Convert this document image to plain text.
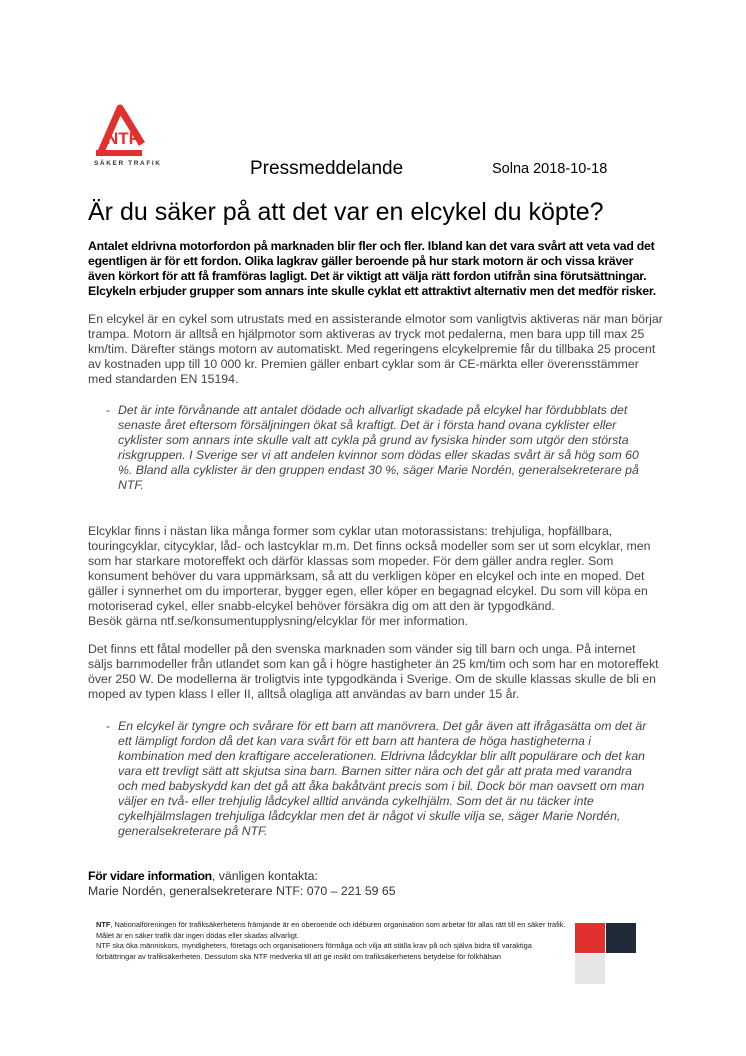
NTF
SÄKER TRAFIK	Pressmeddelande	Solna 2018-10-18
Är du säker på att det var en elcykel du köpte?
Antalet eldrivna motorfordon på marknaden blir fler och fler. Ibland kan det vara svårt att veta vad det egentligen är för ett fordon. Olika lagkrav gäller beroende på hur stark motorn är och vissa kräver även körkort för att få framföras lagligt. Det är viktigt att välja rätt fordon utifrån sina förutsättningar. Elcykeln erbjuder grupper som annars inte skulle cyklat ett attraktivt alternativ men det medför risker.
En elcykel är en cykel som utrustats med en assisterande elmotor som vanligtvis aktiveras när man börjar trampa. Motorn är alltså en hjälpmotor som aktiveras av tryck mot pedalerna, men bara upp till max 25 km/tim. Därefter stängs motorn av automatiskt. Med regeringens elcykelpremie får du tillbaka 25 procent av kostnaden upp till 10 000 kr. Premien gäller enbart cyklar som är CE-märkta eller överensstämmer med standarden EN 15194.
- Det är inte förvånande att antalet dödade och allvarligt skadade på elcykel har fördubblats det senaste året eftersom försäljningen ökat så kraftigt. Det är i första hand ovana cyklister eller cyklister som annars inte skulle valt att cykla på grund av fysiska hinder som utgör den största riskgruppen. I Sverige ser vi att andelen kvinnor som dödas eller skadas svårt är så hög som 60 %. Bland alla cyklister är den gruppen endast 30 %, säger Marie Nordén, generalsekreterare på NTF.
Elcyklar finns i nästan lika många former som cyklar utan motorassistans: trehjuliga, hopfällbara, touringcyklar, citycyklar, låd- och lastcyklar m.m. Det finns också modeller som ser ut som elcyklar, men som har starkare motoreffekt och därför klassas som mopeder. För dem gäller andra regler. Som konsument behöver du vara uppmärksam, så att du verkligen köper en elcykel och inte en moped. Det gäller i synnerhet om du importerar, bygger egen, eller köper en begagnad elcykel. Du som vill köpa en motoriserad cykel, eller snabb-elcykel behöver försäkra dig om att den är typgodkänd.
Besök gärna ntf.se/konsumentupplysning/elcyklar för mer information.
Det finns ett fåtal modeller på den svenska marknaden som vänder sig till barn och unga. På internet säljs barnmodeller från utlandet som kan gå i högre hastigheter än 25 km/tim och som har en motoreffekt över 250 W. De modellerna är troligtvis inte typgodkända i Sverige. Om de skulle klassas skulle de bli en moped av typen klass I eller II, alltså olagliga att användas av barn under 15 år.
- En elcykel är tyngre och svårare för ett barn att manövrera. Det går även att ifrågasätta om det är ett lämpligt fordon då det kan vara svårt för ett barn att hantera de höga hastigheterna i kombination med den kraftigare accelerationen. Eldrivna lådcyklar blir allt populärare och det kan vara ett trevligt sätt att skjutsa sina barn. Barnen sitter nära och det går att prata med varandra och med babyskydd kan det gå att åka bakåtvänt precis som i bil. Dock bör man oavsett om man väljer en två- eller trehjulig lådcykel alltid använda cykelhjälm. Som det är nu täcker inte cykelhjälmslagen trehjuliga lådcyklar men det är något vi skulle vilja se, säger Marie Nordén, generalsekreterare på NTF.
För vidare information, vänligen kontakta:
Marie Nordén, generalsekreterare NTF: 070 – 221 59 65
NTF, Nationalföreningen för trafiksäkerhetens främjande är en oberoende och idéburen organisation som arbetar för allas rätt till en säker trafik. Målet är en säker trafik där ingen dödas eller skadas allvarligt.
NTF ska öka människors, myndigheters, företags och organisationers förmåga och vilja att ställa krav på och själva bidra till varaktiga förbättringar av trafiksäkerheten. Dessutom ska NTF medverka till att ge insikt om trafiksäkerhetens betydelse för folkhälsan
